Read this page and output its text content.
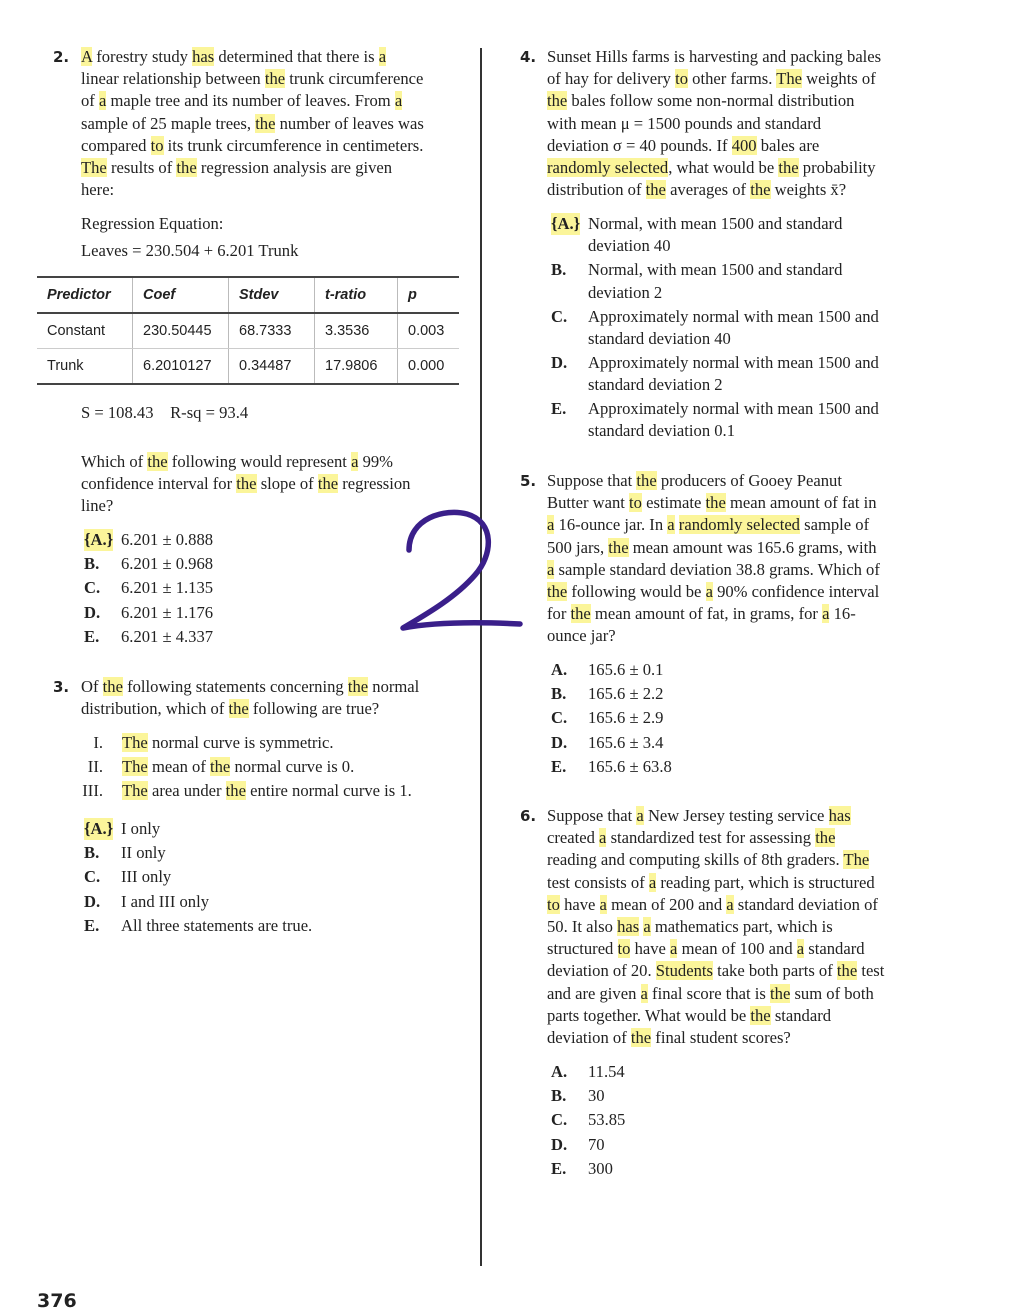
2. A forestry study has determined that there is a
linear relationship between the trunk circumference
of a maple tree and its number of leaves. From a
sample of 25 maple trees, the number of leaves was
compared to its trunk circumference in centimeters.
The results of the regression analysis are given
here:
Regression Equation:
Leaves = 230.504 + 6.201 Trunk
Predictor	Coef	Stdev	t-ratio	p
Constant	230.50445	68.7333	3.3536	0.003
Trunk	6.2010127	0.34487	17.9806	0.000
S = 108.43    R-sq = 93.4
Which of the following would represent a 99%
confidence interval for the slope of the regression
line?
3. Of the following statements concerning the normal
distribution, which of the following are true?
4. Sunset Hills farms is harvesting and packing bales
of hay for delivery to other farms. The weights of
the bales follow some non-normal distribution
with mean μ = 1500 pounds and standard
deviation σ = 40 pounds. If 400 bales are
randomly selected, what would be the probability
distribution of the averages of the weights x̄?
5. Suppose that the producers of Gooey Peanut
Butter want to estimate the mean amount of fat in
a 16-ounce jar. In a randomly selected sample of
500 jars, the mean amount was 165.6 grams, with
a sample standard deviation 38.8 grams. Which of
the following would be a 90% confidence interval
for the mean amount of fat, in grams, for a 16-
ounce jar?
6. Suppose that a New Jersey testing service has
created a standardized test for assessing the
reading and computing skills of 8th graders. The
test consists of a reading part, which is structured
to have a mean of 200 and a standard deviation of
50. It also has a mathematics part, which is
structured to have a mean of 100 and a standard
deviation of 20. Students take both parts of the test
and are given a final score that is the sum of both
parts together. What would be the standard
deviation of the final student scores?
376
{A.} 6.201 ± 0.888
B. 6.201 ± 0.968
C. 6.201 ± 1.135
D. 6.201 ± 1.176
E. 6.201 ± 4.337
{A.} I only
B. II only
C. III only
D. I and III only
E. All three statements are true.
{A.} Normal, with mean 1500 and standard
deviation 40
B. Normal, with mean 1500 and standard
deviation 2
C. Approximately normal with mean 1500 and
standard deviation 40
D. Approximately normal with mean 1500 and
standard deviation 2
E. Approximately normal with mean 1500 and
standard deviation 0.1
A. 165.6 ± 0.1
B. 165.6 ± 2.2
C. 165.6 ± 2.9
D. 165.6 ± 3.4
E. 165.6 ± 63.8
A. 11.54
B. 30
C. 53.85
D. 70
E. 300
I. The normal curve is symmetric.
II. The mean of the normal curve is 0.
III. The area under the entire normal curve is 1.
